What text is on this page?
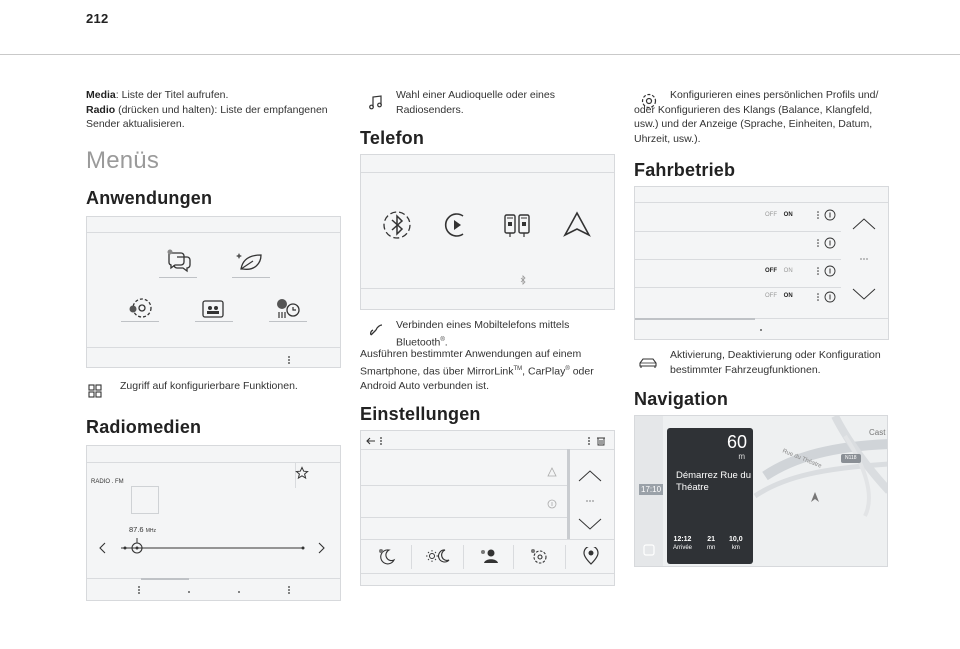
212
Media: Liste der Titel aufrufen.
Radio (drücken und halten): Liste der empfangenen Sender aktualisieren.
Menüs
Anwendungen
Zugriff auf konfigurierbare Funktionen.
Radiomedien
RADIO . FM
87.6 MHz
Wahl einer Audioquelle oder eines Radiosenders.
Telefon
Verbinden eines Mobiltelefons mittels Bluetooth®.
Ausführen bestimmter Anwendungen auf einem Smartphone, das über MirrorLink™, CarPlay® oder Android Auto verbunden ist.
Einstellungen
Konfigurieren eines persönlichen Profils und/ oder Konfigurieren des Klangs (Balance, Klangfeld, usw.) und der Anzeige (Sprache, Einheiten, Datum, Uhrzeit, usw.).
Fahrbetrieb
OFF ON
OFF ON
OFF ON
Aktivierung, Deaktivierung oder Konfiguration bestimmter Fahrzeugfunktionen.
Navigation
Cast
Rue du Théatre	N118
17:10
60
m
Démarrez Rue du Théatre
12:12
Arrivée
21
mn
10,0
km
